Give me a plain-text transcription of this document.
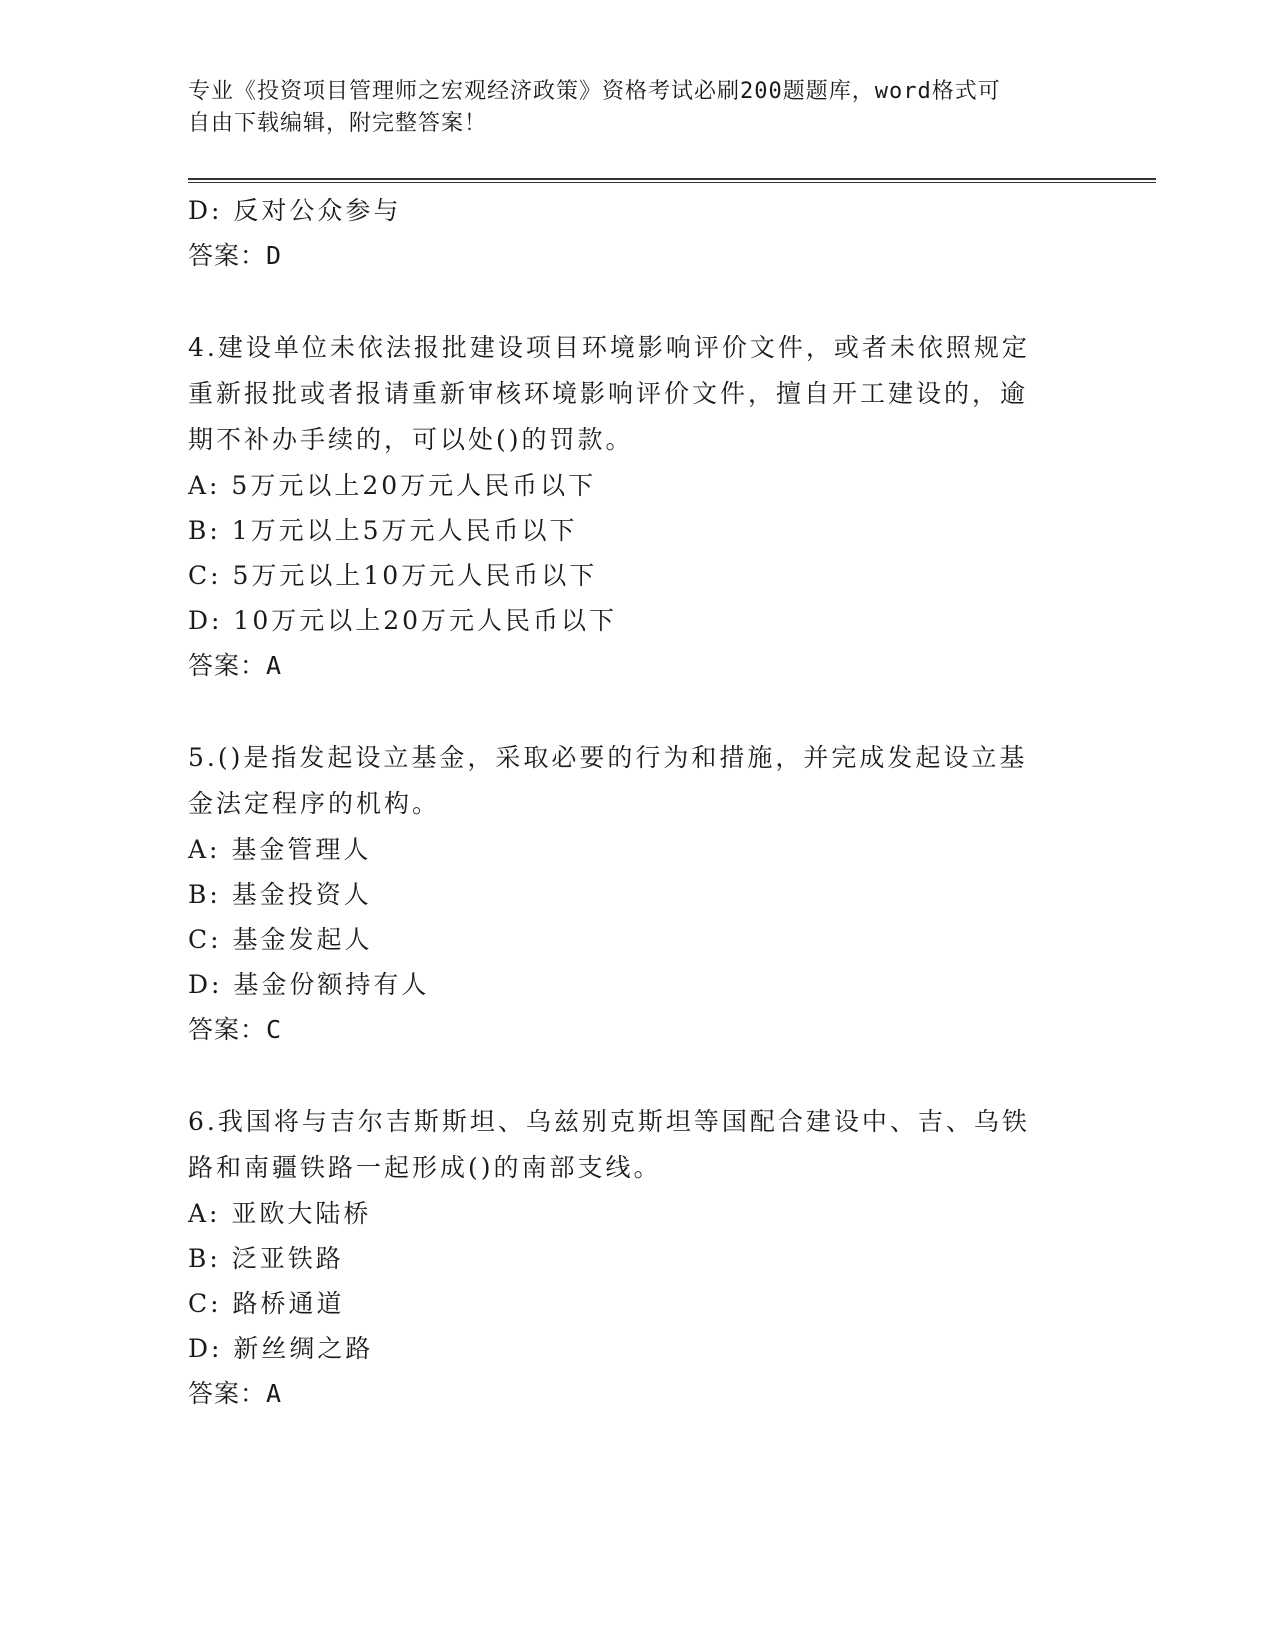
专业《投资项目管理师之宏观经济政策》资格考试必刷200题题库，word格式可
自由下载编辑，附完整答案！
D: 反对公众参与
答案：D
4.建设单位未依法报批建设项目环境影响评价文件，或者未依照规定
重新报批或者报请重新审核环境影响评价文件，擅自开工建设的，逾
期不补办手续的，可以处()的罚款。
A: 5万元以上20万元人民币以下
B: 1万元以上5万元人民币以下
C: 5万元以上10万元人民币以下
D: 10万元以上20万元人民币以下
答案：A
5.()是指发起设立基金，采取必要的行为和措施，并完成发起设立基
金法定程序的机构。
A: 基金管理人
B: 基金投资人
C: 基金发起人
D: 基金份额持有人
答案：C
6.我国将与吉尔吉斯斯坦、乌兹别克斯坦等国配合建设中、吉、乌铁
路和南疆铁路一起形成()的南部支线。
A: 亚欧大陆桥
B: 泛亚铁路
C: 路桥通道
D: 新丝绸之路
答案：A
